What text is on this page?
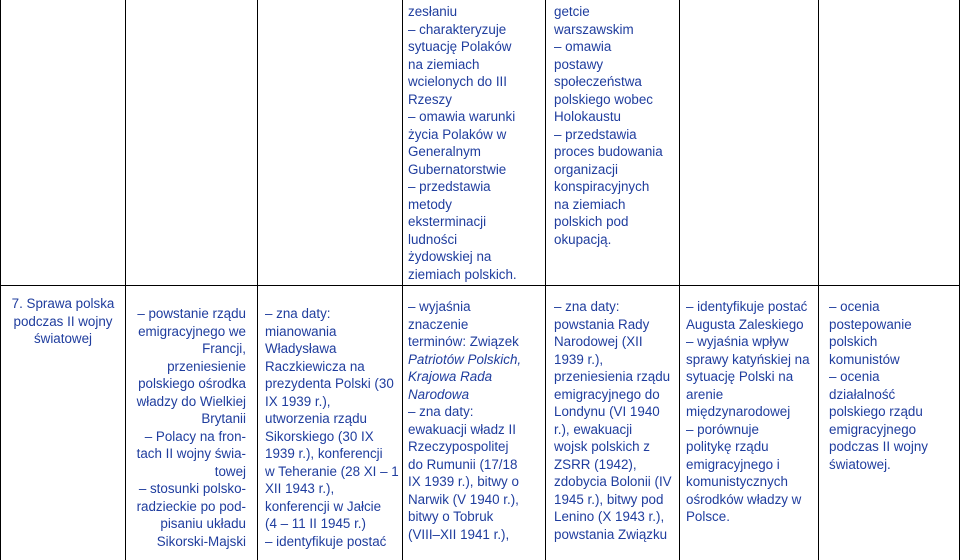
7. Sprawa polska
podczas II wojny
światowej
– powstanie rządu
emigracyjnego we
Francji,
przeniesienie
polskiego ośrodka
władzy do Wielkiej
Brytanii
– Polacy na fron-
tach II wojny świa-
towej
– stosunki polsko-
radzieckie po pod-
pisaniu układu
Sikorski-Majski
– zna daty:
mianowania
Władysława
Raczkiewicza na
prezydenta Polski (30
IX 1939 r.),
utworzenia rządu
Sikorskiego (30 IX
1939 r.), konferencji
w Teheranie (28 XI – 1
XII 1943 r.),
konferencji w Jałcie
(4 – 11 II 1945 r.)
– identyfikuje postać
zesłaniu
– charakteryzuje
sytuację Polaków
na ziemiach
wcielonych do III
Rzeszy
– omawia warunki
życia Polaków w
Generalnym
Gubernatorstwie
– przedstawia
metody
eksterminacji
ludności
żydowskiej na
ziemiach polskich.
– wyjaśnia
znaczenie
terminów: Związek
Patriotów Polskich,
Krajowa Rada
Narodowa
– zna daty:
ewakuacji władz II
Rzeczypospolitej
do Rumunii (17/18
IX 1939 r.), bitwy o
Narwik (V 1940 r.),
bitwy o Tobruk
(VIII–XII 1941 r.),
getcie
warszawskim
– omawia
postawy
społeczeństwa
polskiego wobec
Holokaustu
– przedstawia
proces budowania
organizacji
konspiracyjnych
na ziemiach
polskich pod
okupacją.
– zna daty:
powstania Rady
Narodowej (XII
1939 r.),
przeniesienia rządu
emigracyjnego do
Londynu (VI 1940
r.), ewakuacji
wojsk polskich z
ZSRR (1942),
zdobycia Bolonii (IV
1945 r.), bitwy pod
Lenino (X 1943 r.),
powstania Związku
– identyfikuje postać
Augusta Zaleskiego
– wyjaśnia wpływ
sprawy katyńskiej na
sytuację Polski na
arenie
międzynarodowej
– porównuje
politykę rządu
emigracyjnego i
komunistycznych
ośrodków władzy w
Polsce.
– ocenia
postepowanie
polskich
komunistów
– ocenia
działalność
polskiego rządu
emigracyjnego
podczas II wojny
światowej.
